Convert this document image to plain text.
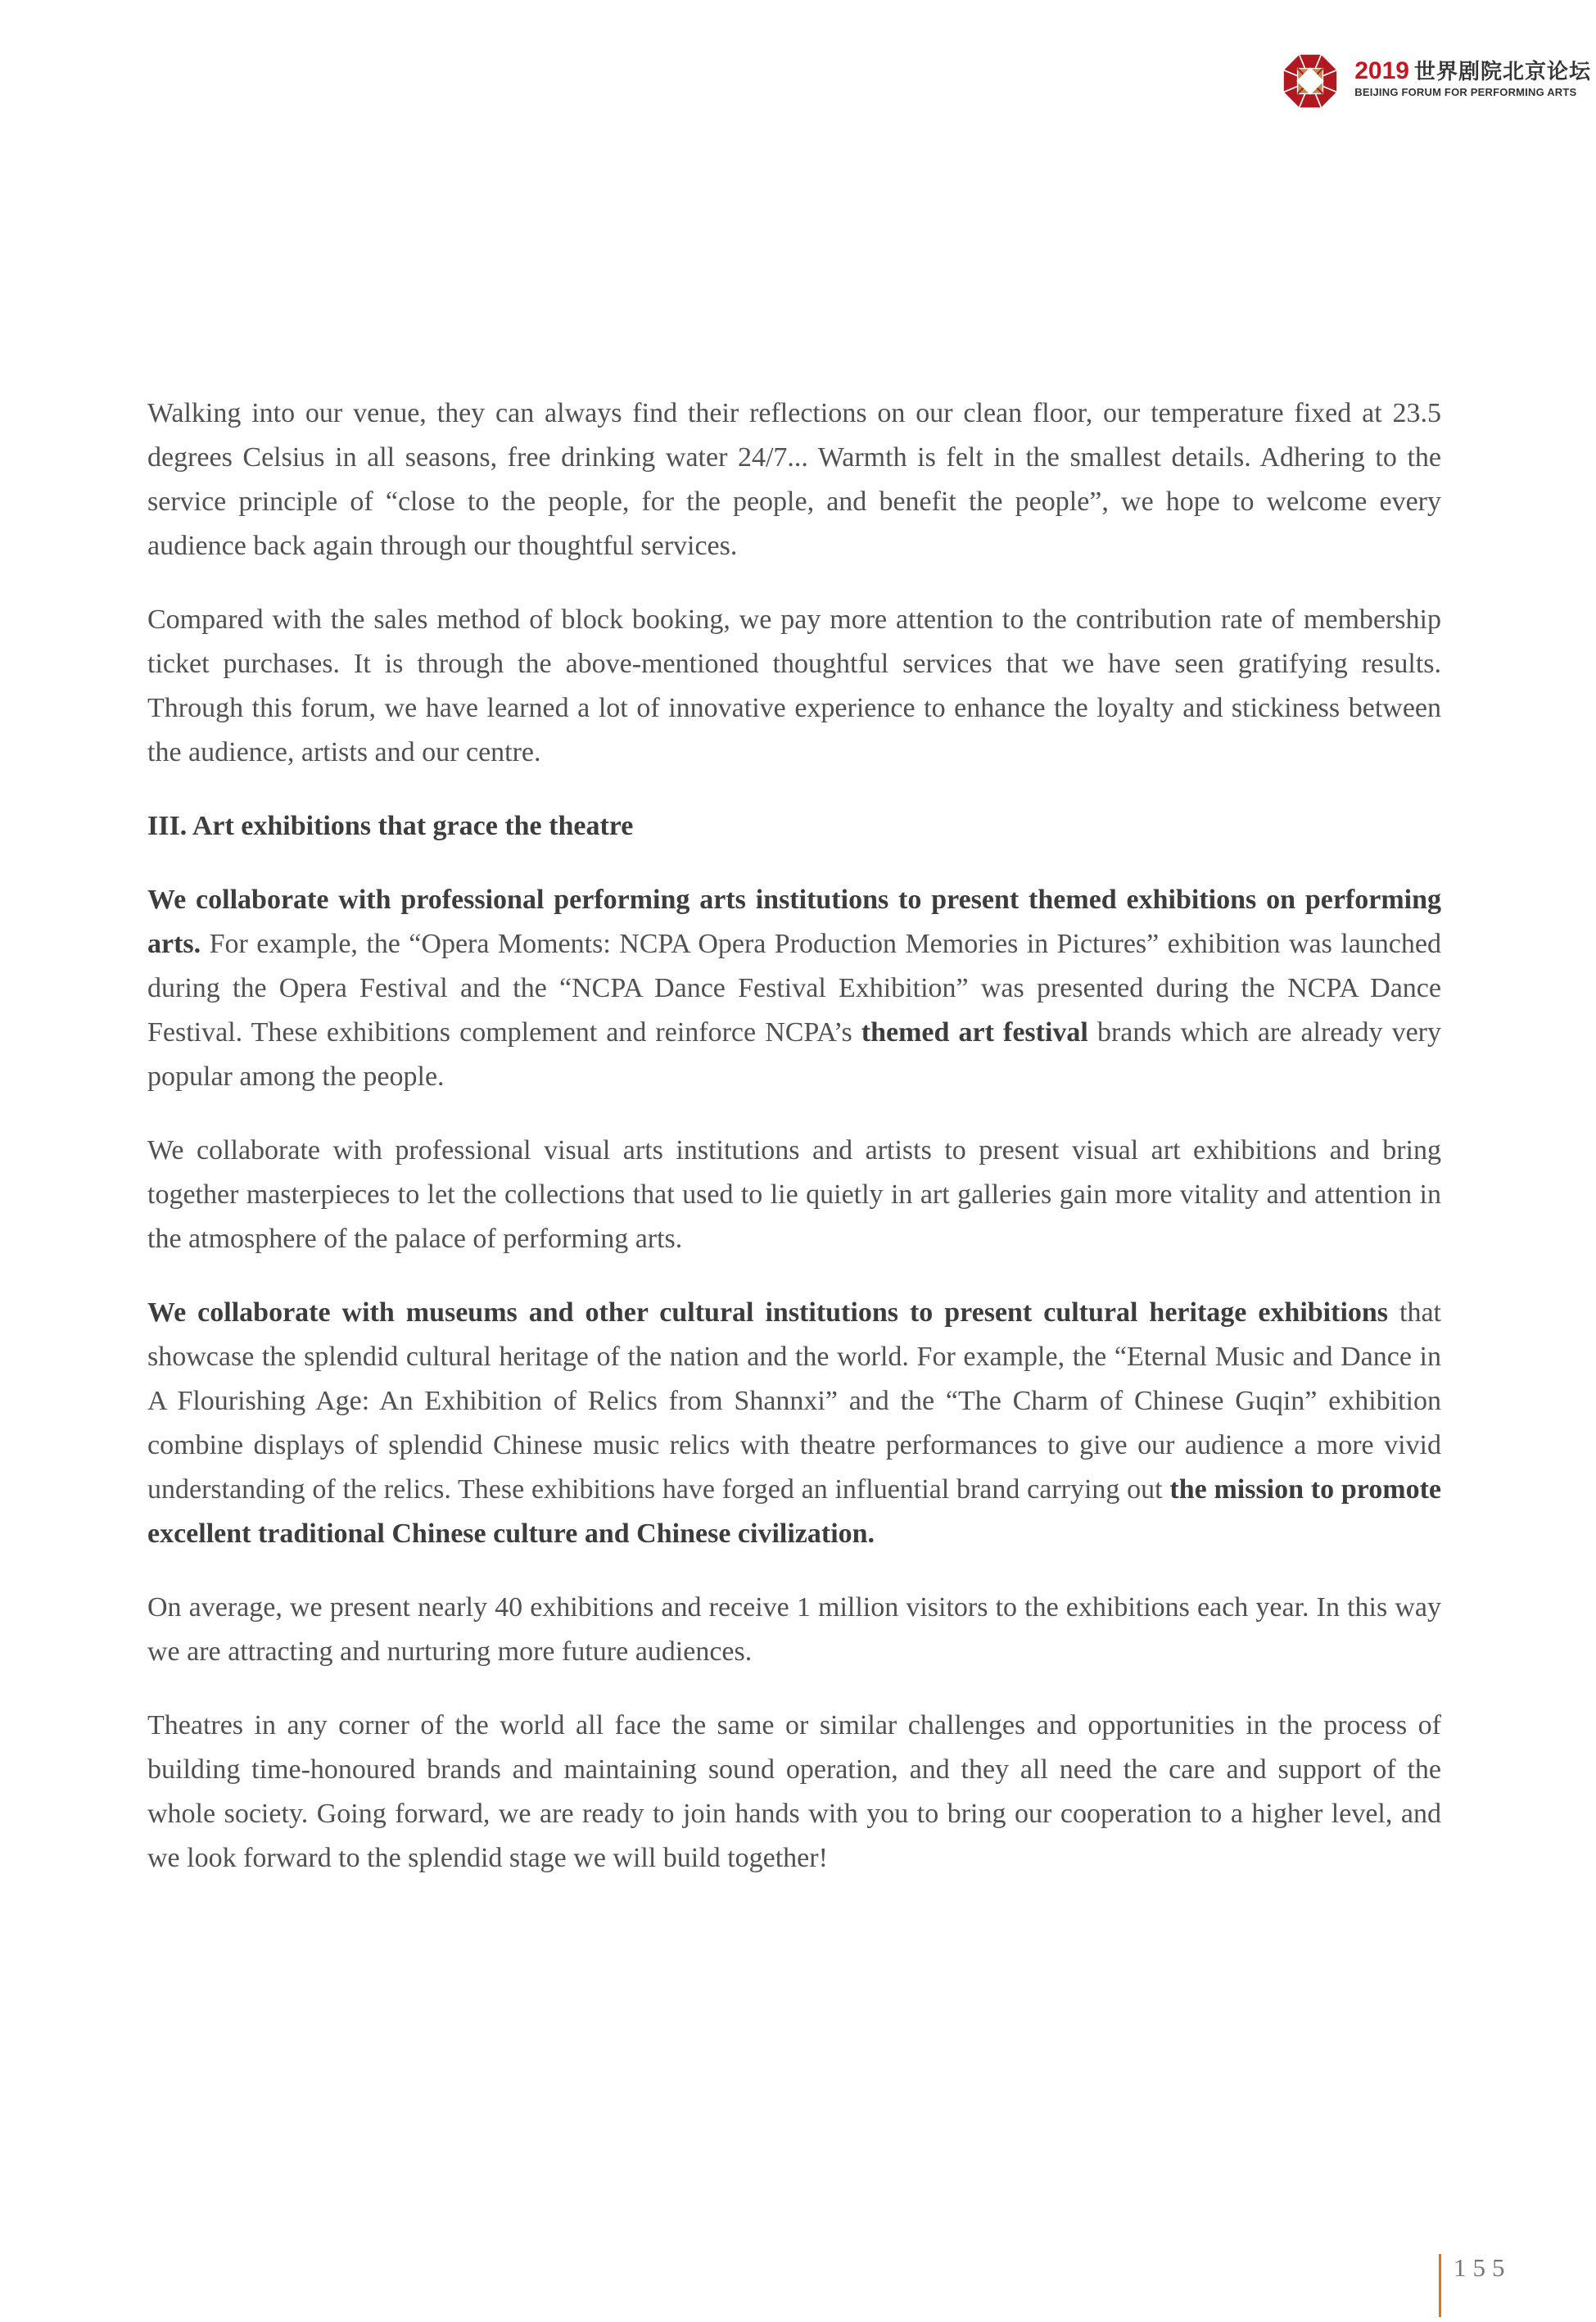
2019 世界剧院北京论坛
BEIJING FORUM FOR PERFORMING ARTS

Walking into our venue, they can always find their reflections on our clean floor, our temperature fixed at 23.5 degrees Celsius in all seasons, free drinking water 24/7... Warmth is felt in the smallest details. Adhering to the service principle of “close to the people, for the people, and benefit the people”, we hope to welcome every audience back again through our thoughtful services.

Compared with the sales method of block booking, we pay more attention to the contribution rate of membership ticket purchases. It is through the above-mentioned thoughtful services that we have seen gratifying results. Through this forum, we have learned a lot of innovative experience to enhance the loyalty and stickiness between the audience, artists and our centre.

III. Art exhibitions that grace the theatre

We collaborate with professional performing arts institutions to present themed exhibitions on performing arts. For example, the “Opera Moments: NCPA Opera Production Memories in Pictures” exhibition was launched during the Opera Festival and the “NCPA Dance Festival Exhibition” was presented during the NCPA Dance Festival. These exhibitions complement and reinforce NCPA’s themed art festival brands which are already very popular among the people.

We collaborate with professional visual arts institutions and artists to present visual art exhibitions and bring together masterpieces to let the collections that used to lie quietly in art galleries gain more vitality and attention in the atmosphere of the palace of performing arts.

We collaborate with museums and other cultural institutions to present cultural heritage exhibitions that showcase the splendid cultural heritage of the nation and the world. For example, the “Eternal Music and Dance in A Flourishing Age: An Exhibition of Relics from Shannxi” and the “The Charm of Chinese Guqin” exhibition combine displays of splendid Chinese music relics with theatre performances to give our audience a more vivid understanding of the relics. These exhibitions have forged an influential brand carrying out the mission to promote excellent traditional Chinese culture and Chinese civilization.

On average, we present nearly 40 exhibitions and receive 1 million visitors to the exhibitions each year. In this way we are attracting and nurturing more future audiences.

Theatres in any corner of the world all face the same or similar challenges and opportunities in the process of building time-honoured brands and maintaining sound operation, and they all need the care and support of the whole society. Going forward, we are ready to join hands with you to bring our cooperation to a higher level, and we look forward to the splendid stage we will build together!

155
